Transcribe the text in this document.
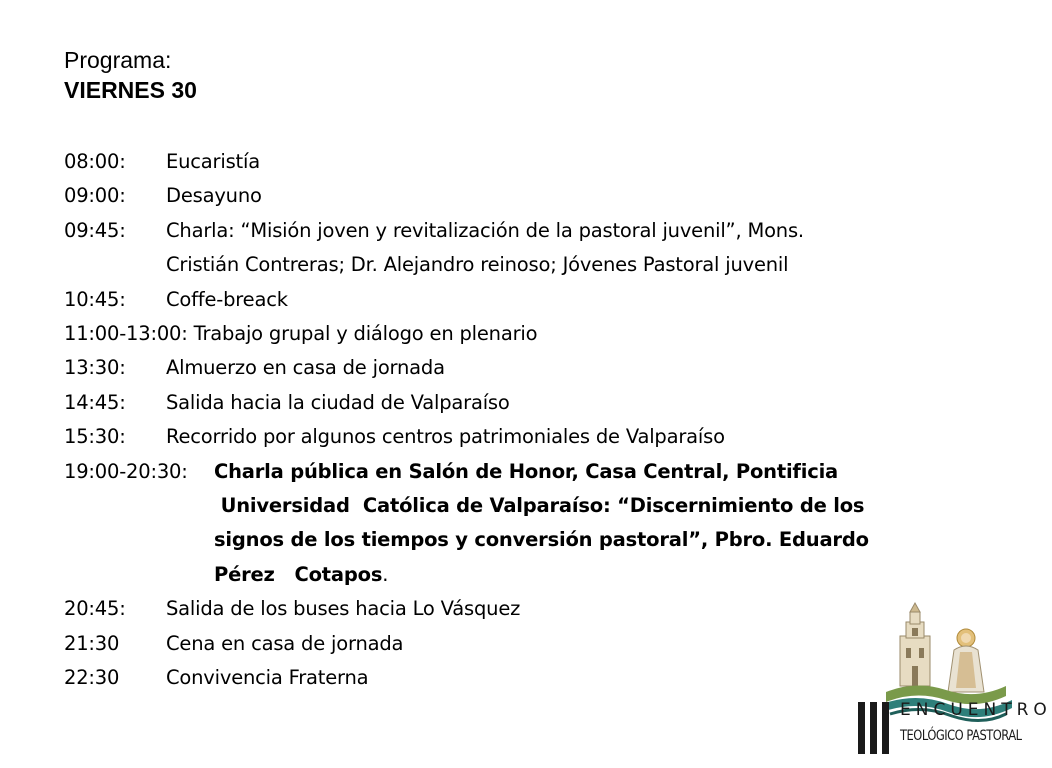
Programa:
VIERNES 30
08:00:	Eucaristía
09:00:	Desayuno
09:45:	Charla: “Misión joven y revitalización de la pastoral juvenil”, Mons.
Cristián Contreras; Dr. Alejandro reinoso; Jóvenes Pastoral juvenil
10:45:	Coffe-breack
11:00-13:00: Trabajo grupal y diálogo en plenario
13:30:	Almuerzo en casa de jornada
14:45:	Salida hacia la ciudad de Valparaíso
15:30:	Recorrido por algunos centros patrimoniales de Valparaíso
19:00-20:30:	Charla pública en Salón de Honor, Casa Central, Pontificia
Universidad  Católica de Valparaíso: “Discernimiento de los
signos de los tiempos y conversión pastoral”, Pbro. Eduardo
Pérez   Cotapos.
20:45:	Salida de los buses hacia Lo Vásquez
21:30	Cena en casa de jornada
22:30	Convivencia Fraterna
ENCUENTRO
TEOLÓGICO PASTORAL
